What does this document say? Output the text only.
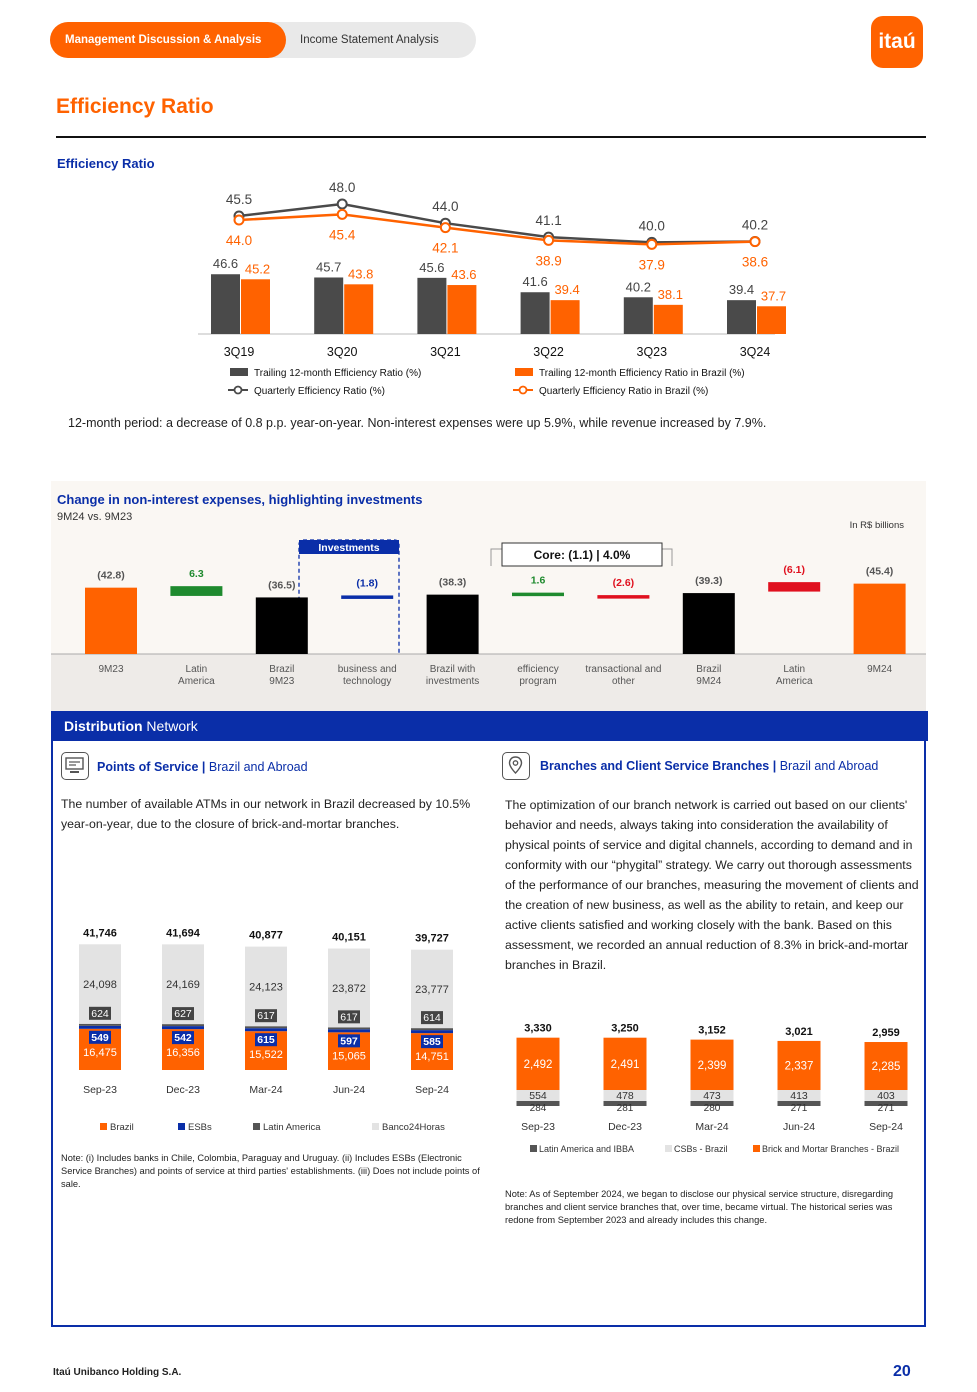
Management Discussion & Analysis	Income Statement Analysis	itaú
Efficiency Ratio
Efficiency Ratio
46.6 45.2
3Q19
45.7 43.8
3Q20
45.6 43.6
3Q21
41.6
39.4
3Q22
40.2
38.1
3Q23
39.4 37.7
3Q24
45.5
44.0
48.0
45.4
44.0
42.1
41.1
38.9
40.0
37.9
40.2
38.6
Trailing 12-month Efficiency Ratio (%)	Trailing 12-month Efficiency Ratio in Brazil (%)
Quarterly Efficiency Ratio (%)	Quarterly Efficiency Ratio in Brazil (%)
12-month period: a decrease of 0.8 p.p. year-on-year. Non-interest expenses were up 5.9%, while revenue increased by 7.9%.
Change in non-interest expenses, highlighting investments
9M24 vs. 9M23
In R$ billions
Investments	Core: (1.1) | 4.0%
(42.8)
9M23
6.3
Latin
America
(36.5)
Brazil
9M23
(1.8)
business and
technology
(38.3)
Brazil with
investments
1.6
efficiency
program
(2.6)
transactional and
other
(39.3)
Brazil
9M24
(6.1)
Latin
America
(45.4)
9M24
Distribution Network
Points of Service | Brazil and Abroad
The number of available ATMs in our network in Brazil decreased by 10.5% year-on-year, due to the closure of brick-and-mortar branches.
41,746
24,098
624
549
16,475
Sep-23
41,694
24,169
627
542
16,356
Dec-23
40,877
24,123
617
615
15,522
Mar-24
40,151
23,872
617
597
15,065
Jun-24
39,727
23,777
614
585
14,751
Sep-24
Brazil	ESBs	Latin America	Banco24Horas
Note: (i) Includes banks in Chile, Colombia, Paraguay and Uruguay. (ii) Includes ESBs (Electronic Service Branches) and points of service at third parties' establishments. (iii) Does not include points of sale.
Branches and Client Service Branches | Brazil and Abroad
The optimization of our branch network is carried out based on our clients' behavior and needs, always taking into consideration the availability of physical points of service and digital channels, according to demand and in conformity with our “phygital” strategy. We carry out thorough assessments of the performance of our branches, measuring the movement of clients and the creation of new business, as well as the ability to retain, and keep our active clients satisfied and working closely with the bank. Based on this assessment, we recorded an annual reduction of 8.3% in brick-and-mortar branches in Brazil.
3,330
2,492
554
284
Sep-23
3,250
2,491
478
281
Dec-23
3,152
2,399
473
280
Mar-24
3,021
2,337
413
271
Jun-24
2,959
2,285
403
271
Sep-24
Latin America and IBBA	CSBs - Brazil	Brick and Mortar Branches - Brazil
Note: As of September 2024, we began to disclose our physical service structure, disregarding branches and client service branches that, over time, became virtual. The historical series was redone from September 2023 and already includes this change.
Itaú Unibanco Holding S.A.	20
